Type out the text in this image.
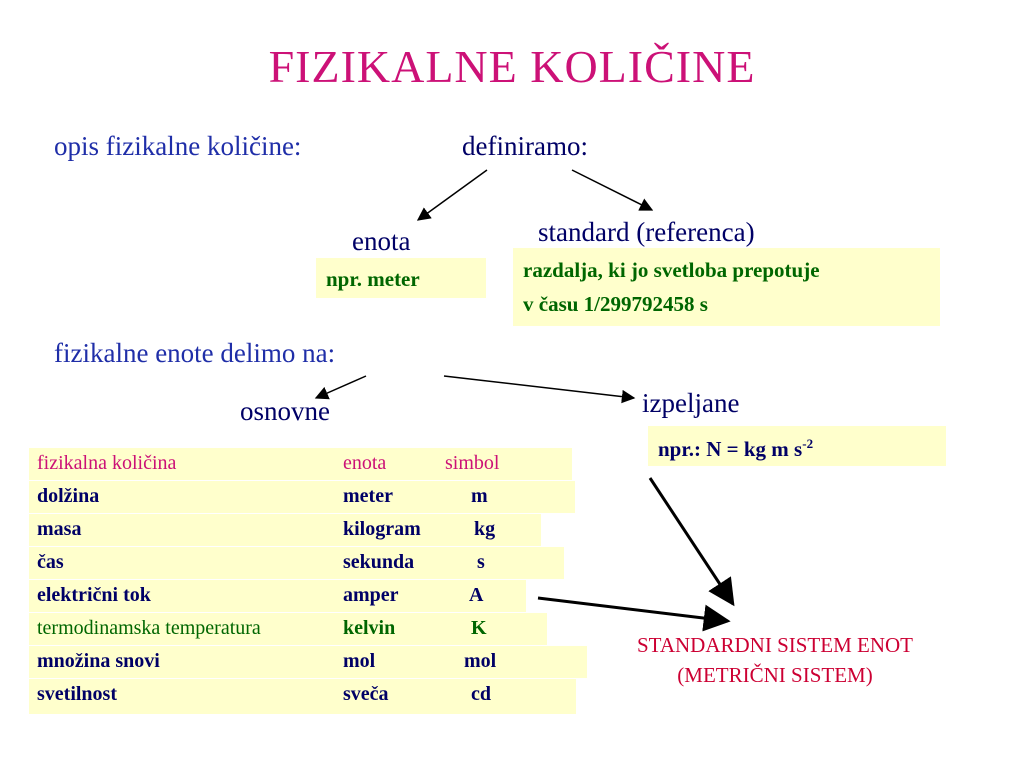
FIZIKALNE KOLIČINE
opis fizikalne količine:	definiramo:
enota
npr. meter
standard (referenca)
razdalja, ki jo svetloba prepotuje
v času 1/299792458 s
fizikalne enote delimo na:
osnovne	izpeljane
npr.: N = kg m $s^{-2}$
fizikalna količina	enota	simbol
dolžina	meter	m
masa	kilogram	kg
čas	sekunda	s
električni tok	amper	A
termodinamska temperatura	kelvin	K
množina snovi	mol	mol
svetilnost	sveča	cd
STANDARDNI SISTEM ENOT
(METRIČNI SISTEM)
